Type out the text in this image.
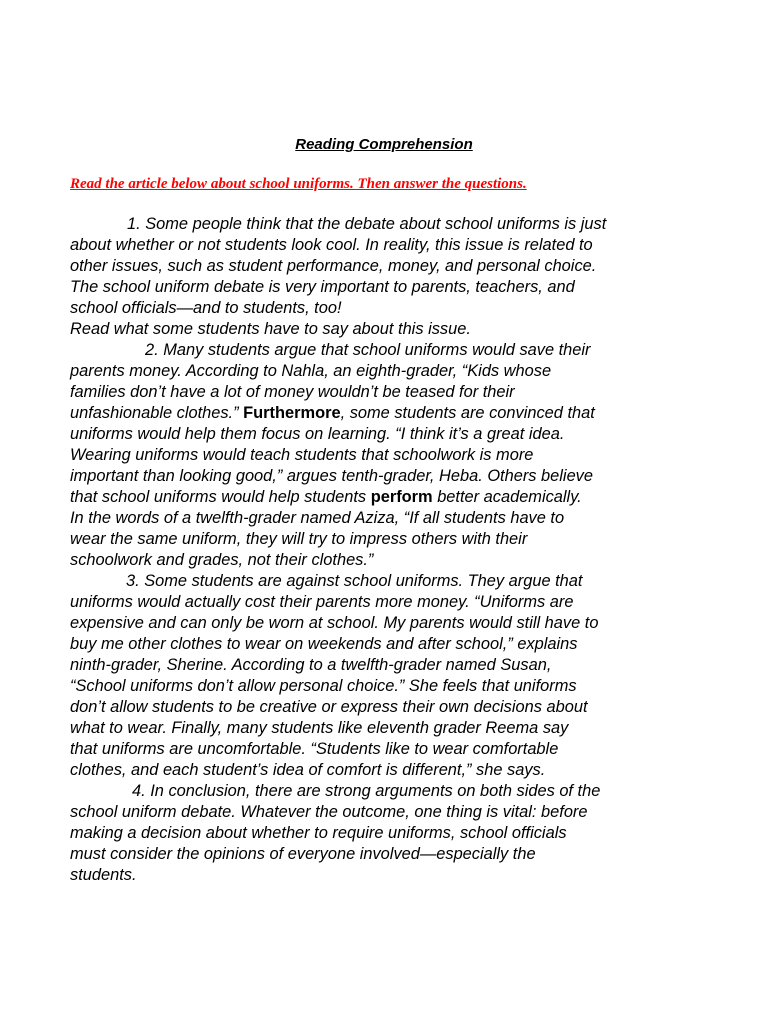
Reading Comprehension
Read the article below about school uniforms. Then answer the questions.
1. Some people think that the debate about school uniforms is just
about whether or not students look cool. In reality, this issue is related to
other issues, such as student performance, money, and personal choice.
The school uniform debate is very important to parents, teachers, and
school officials—and to students, too!
Read what some students have to say about this issue.
2. Many students argue that school uniforms would save their
parents money. According to Nahla, an eighth-grader, “Kids whose
families don’t have a lot of money wouldn’t be teased for their
unfashionable clothes.” Furthermore, some students are convinced that
uniforms would help them focus on learning. “I think it’s a great idea.
Wearing uniforms would teach students that schoolwork is more
important than looking good,” argues tenth-grader, Heba. Others believe
that school uniforms would help students perform better academically.
In the words of a twelfth-grader named Aziza, “If all students have to
wear the same uniform, they will try to impress others with their
schoolwork and grades, not their clothes.”
3. Some students are against school uniforms. They argue that
uniforms would actually cost their parents more money. “Uniforms are
expensive and can only be worn at school. My parents would still have to
buy me other clothes to wear on weekends and after school,” explains
ninth-grader, Sherine. According to a twelfth-grader named Susan,
“School uniforms don’t allow personal choice.” She feels that uniforms
don’t allow students to be creative or express their own decisions about
what to wear. Finally, many students like eleventh grader Reema say
that uniforms are uncomfortable. “Students like to wear comfortable
clothes, and each student’s idea of comfort is different,” she says.
4. In conclusion, there are strong arguments on both sides of the
school uniform debate. Whatever the outcome, one thing is vital: before
making a decision about whether to require uniforms, school officials
must consider the opinions of everyone involved—especially the
students.
